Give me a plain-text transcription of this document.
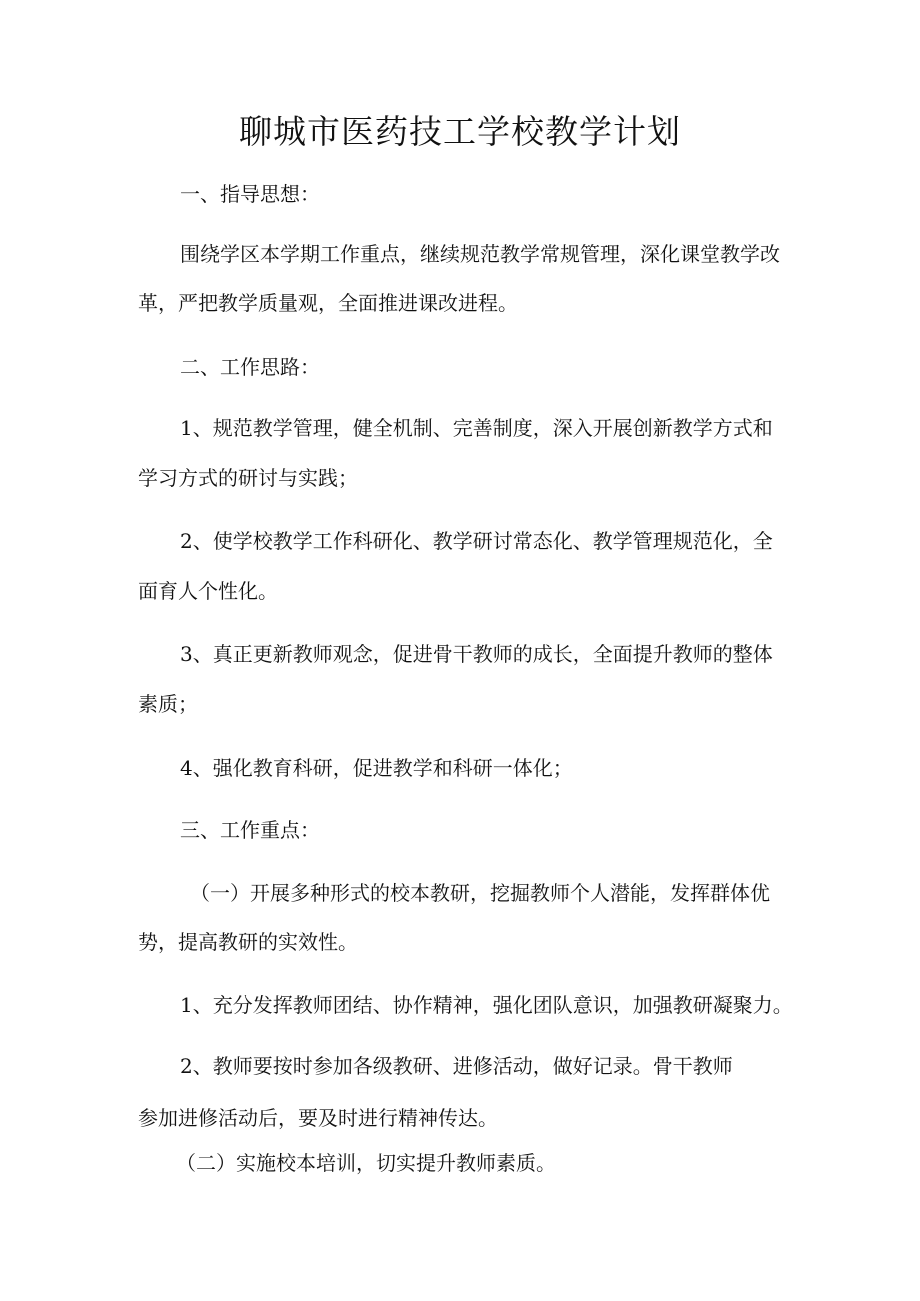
聊城市医药技工学校教学计划

一、指导思想：

围绕学区本学期工作重点，继续规范教学常规管理，深化课堂教学改

革，严把教学质量观，全面推进课改进程。

二、工作思路：

1、规范教学管理，健全机制、完善制度，深入开展创新教学方式和

学习方式的研讨与实践；

2、使学校教学工作科研化、教学研讨常态化、教学管理规范化，全

面育人个性化。

3、真正更新教师观念，促进骨干教师的成长，全面提升教师的整体

素质；

4、强化教育科研，促进教学和科研一体化；

三、工作重点：

（一）开展多种形式的校本教研，挖掘教师个人潜能，发挥群体优

势，提高教研的实效性。

1、充分发挥教师团结、协作精神，强化团队意识，加强教研凝聚力。

2、教师要按时参加各级教研、进修活动，做好记录。骨干教师

参加进修活动后，要及时进行精神传达。

（二）实施校本培训，切实提升教师素质。
